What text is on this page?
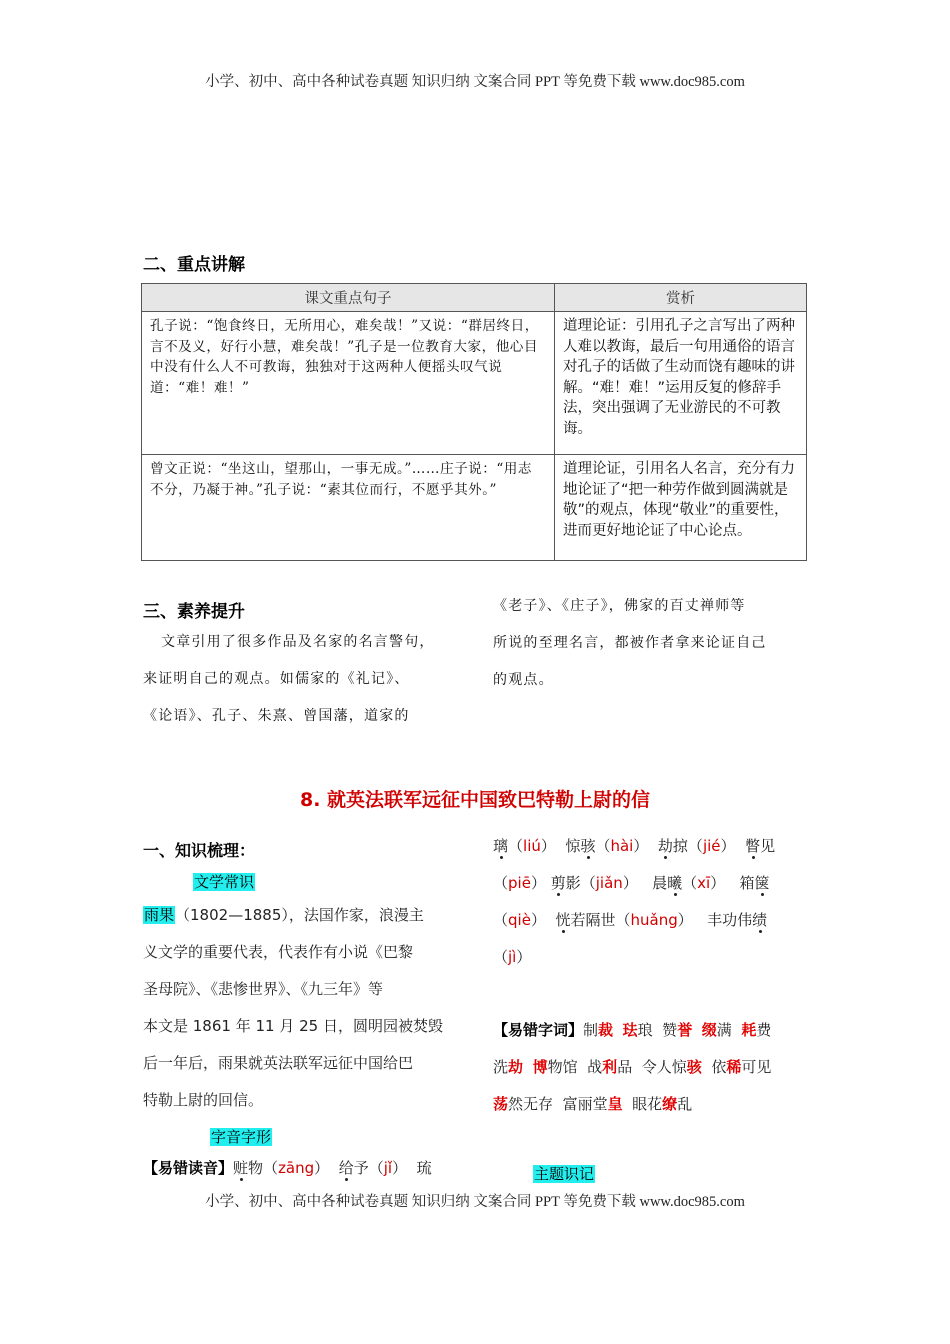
小学、初中、高中各种试卷真题 知识归纳 文案合同 PPT 等免费下载 www.doc985.com
二、重点讲解
课文重点句子	赏析
孔子说：“饱食终日，无所用心，难矣哉！”又说：“群居终日，言不及义，好行小慧，难矣哉！”孔子是一位教育大家，他心目中没有什么人不可教诲，独独对于这两种人便摇头叹气说道：“难！难！”	道理论证：引用孔子之言写出了两种人难以教诲，最后一句用通俗的语言对孔子的话做了生动而饶有趣味的讲解。“难！难！”运用反复的修辞手法，突出强调了无业游民的不可教诲。
曾文正说：“坐这山，望那山，一事无成。”……庄子说：“用志不分，乃凝于神。”孔子说：“素其位而行，不愿乎其外。”	道理论证，引用名人名言，充分有力地论证了“把一种劳作做到圆满就是敬”的观点，体现“敬业”的重要性，进而更好地论证了中心论点。
三、素养提升
文章引用了很多作品及名家的名言警句，
来证明自己的观点。如儒家的《礼记》、
《论语》、孔子、朱熹、曾国藩，道家的
《老子》、《庄子》，佛家的百丈禅师等
所说的至理名言，都被作者拿来论证自己
的观点。
8. 就英法联军远征中国致巴特勒上尉的信
一、知识梳理：
文学常识
雨果（1802—1885），法国作家，浪漫主
义文学的重要代表，代表作有小说《巴黎
圣母院》、《悲惨世界》、《九三年》等
本文是 1861 年 11 月 25 日，圆明园被焚毁
后一年后，雨果就英法联军远征中国给巴
特勒上尉的回信。
字音字形
【易错读音】赃物（zāng） 给予（jǐ） 琉
璃（liú）  惊骇（hài）  劫掠（jié）  瞥见
（piē） 剪影（jiǎn）   晨曦（xī）   箱箧
（qiè）  恍若隔世（huǎng）   丰功伟绩
（jì）
【易错字词】制裁 珐琅 赞誉 缀满 耗费
洗劫 博物馆 战利品 令人惊骇 依稀可见
荡然无存 富丽堂皇 眼花缭乱
主题识记
小学、初中、高中各种试卷真题 知识归纳 文案合同 PPT 等免费下载 www.doc985.com
